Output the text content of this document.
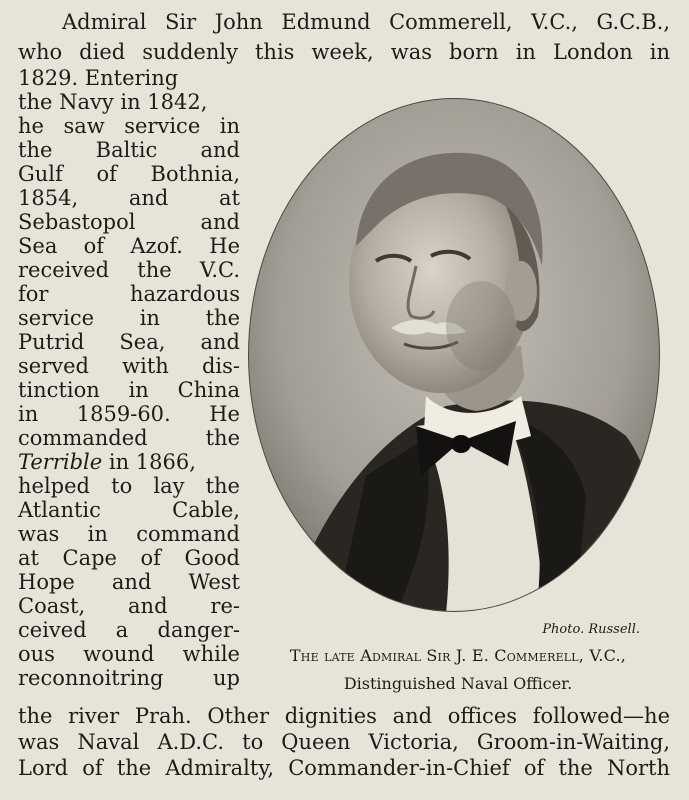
Admiral Sir John Edmund Commerell, V.C., G.C.B.,
who died suddenly this week, was born in London in
1829. Entering
the Navy in 1842,
he saw service in
the Baltic and
Gulf of Bothnia,
1854, and at
Sebastopol and
Sea of Azof. He
received the V.C.
for hazardous
service in the
Putrid Sea, and
served with dis-
tinction in China
in 1859-60. He
commanded the
Terrible in 1866,
helped to lay the
Atlantic Cable,
was in command
at Cape of Good
Hope and West
Coast, and re-
ceived a danger-
ous wound while
reconnoitring up
the river Prah. Other dignities and offices followed—he
was Naval A.D.C. to Queen Victoria, Groom-in-Waiting,
Lord of the Admiralty, Commander-in-Chief of the North
Photo. Russell.
The late Admiral Sir J. E. Commerell, V.C.,
Distinguished Naval Officer.
